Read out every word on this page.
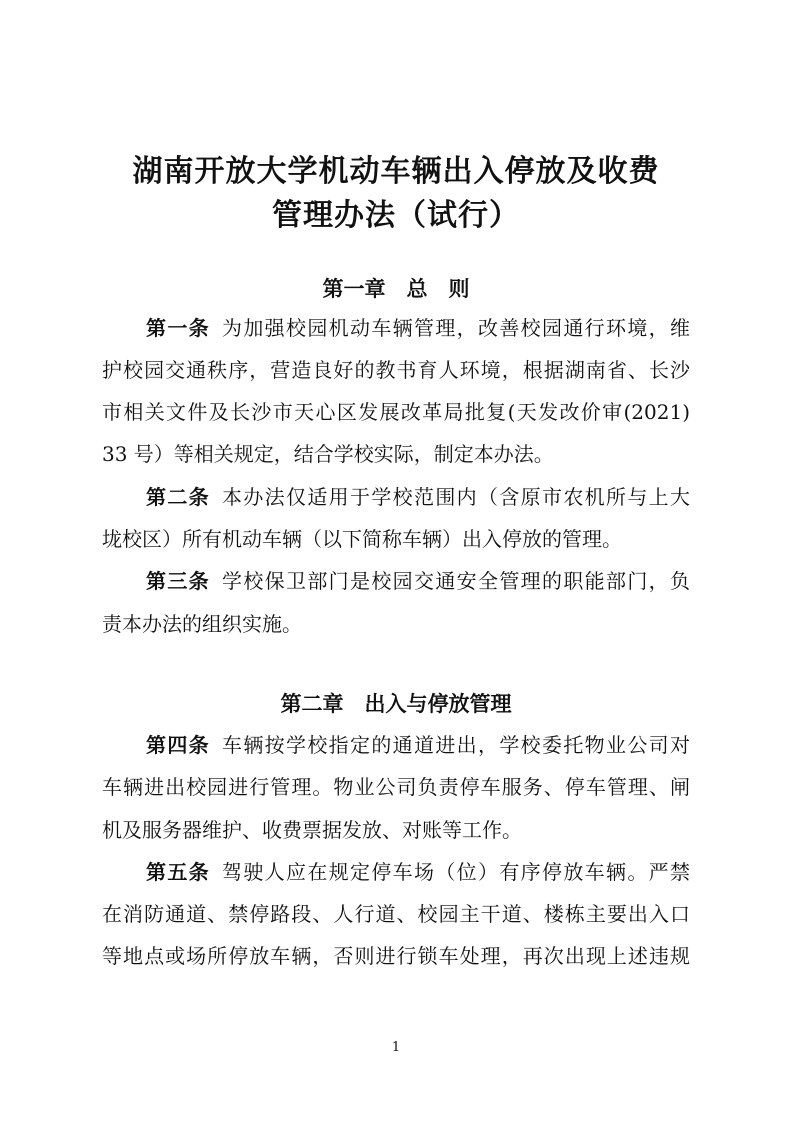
湖南开放大学机动车辆出入停放及收费
管理办法（试行）
第一章　总　则
第一条 为加强校园机动车辆管理，改善校园通行环境，维
护校园交通秩序，营造良好的教书育人环境，根据湖南省、长沙
市相关文件及长沙市天心区发展改革局批复(天发改价审(2021)
33 号）等相关规定，结合学校实际，制定本办法。
第二条 本办法仅适用于学校范围内（含原市农机所与上大
垅校区）所有机动车辆（以下简称车辆）出入停放的管理。
第三条 学校保卫部门是校园交通安全管理的职能部门，负
责本办法的组织实施。
第二章　出入与停放管理
第四条 车辆按学校指定的通道进出，学校委托物业公司对
车辆进出校园进行管理。物业公司负责停车服务、停车管理、闸
机及服务器维护、收费票据发放、对账等工作。
第五条 驾驶人应在规定停车场（位）有序停放车辆。严禁
在消防通道、禁停路段、人行道、校园主干道、楼栋主要出入口
等地点或场所停放车辆，否则进行锁车处理，再次出现上述违规
1
